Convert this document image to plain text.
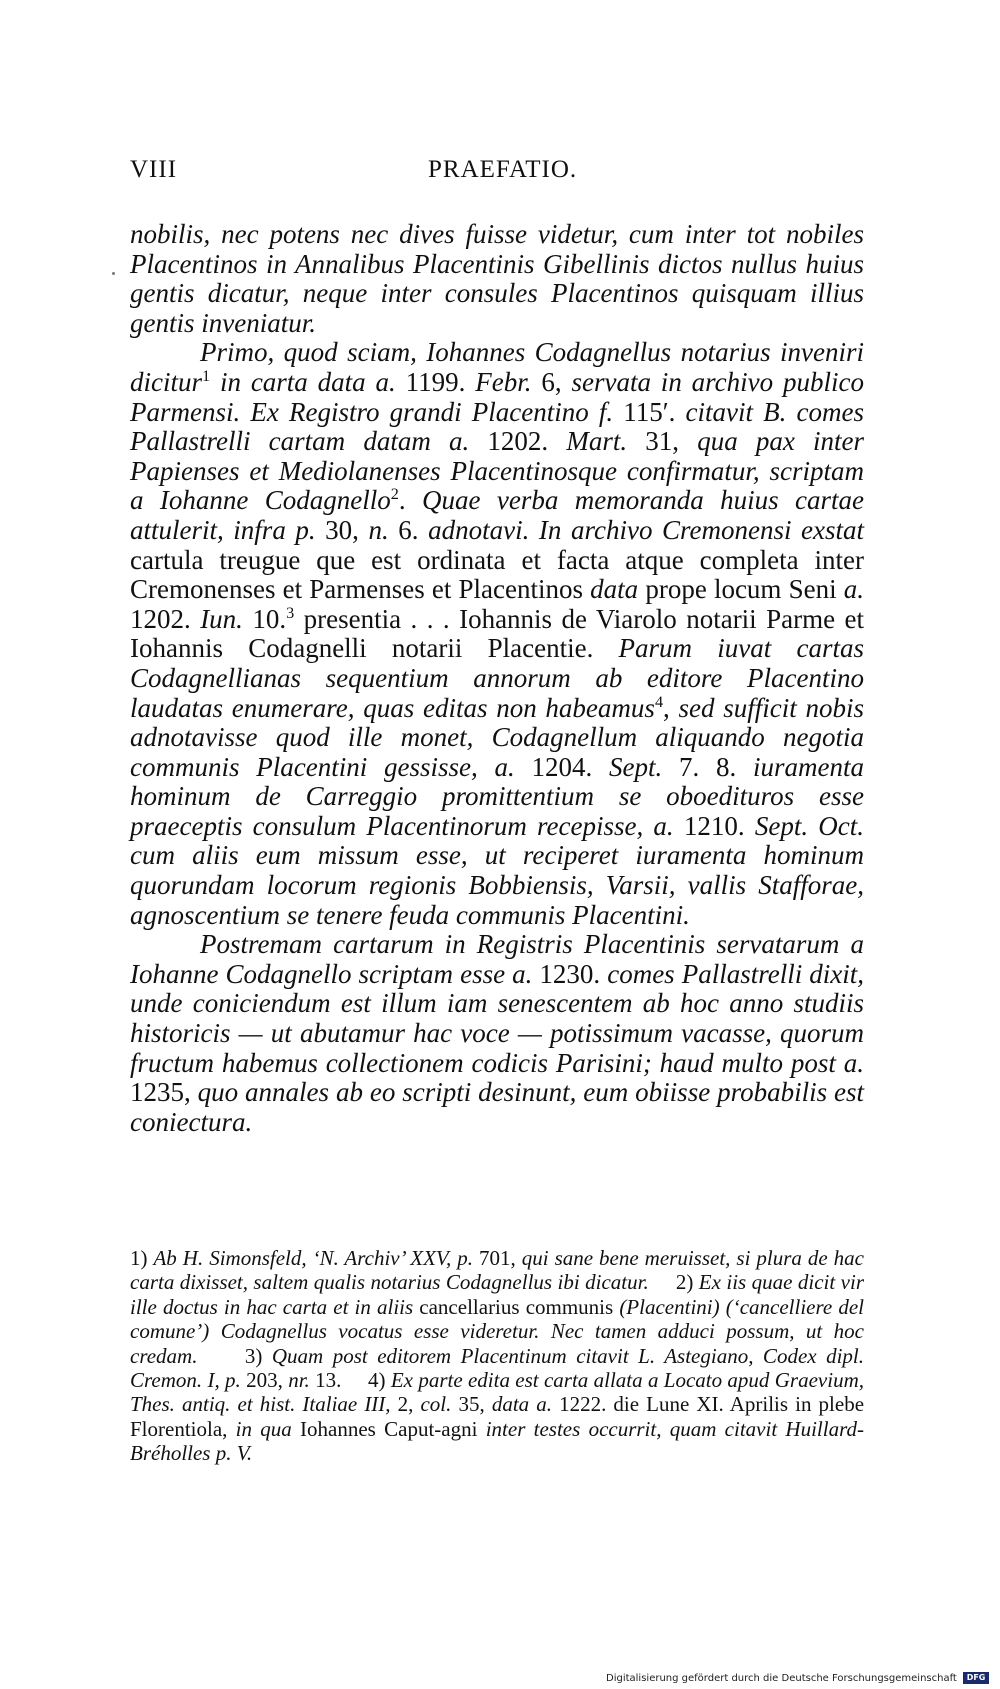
VIII	PRAEFATIO.

nobilis, nec potens nec dives fuisse videtur, cum inter tot nobiles Placentinos in Annalibus Placentinis Gibellinis dictos nullus huius gentis dicatur, neque inter consules Placentinos quisquam illius gentis inveniatur.

Primo, quod sciam, Iohannes Codagnellus notarius inveniri dicitur$^1$ in carta data a. 1199. Febr. 6, servata in archivo publico Parmensi. Ex Registro grandi Placentino f. 115′. citavit B. comes Pallastrelli cartam datam a. 1202. Mart. 31, qua pax inter Papienses et Mediolanenses Placentinosque confirmatur, scriptam a Iohanne Codagnello$^2$. Quae verba memoranda huius cartae attulerit, infra p. 30, n. 6. adnotavi. In archivo Cremonensi exstat cartula treugue que est ordinata et facta atque completa inter Cremonenses et Parmenses et Placentinos data prope locum Seni a. 1202. Iun. 10.$^3$ presentia . . . Iohannis de Viarolo notarii Parme et Iohannis Codagnelli notarii Placentie. Parum iuvat cartas Codagnellianas sequentium annorum ab editore Placentino laudatas enumerare, quas editas non habeamus$^4$, sed sufficit nobis adnotavisse quod ille monet, Codagnellum aliquando negotia communis Placentini gessisse, a. 1204. Sept. 7. 8. iuramenta hominum de Carreggio promittentium se oboedituros esse praeceptis consulum Placentinorum recepisse, a. 1210. Sept. Oct. cum aliis eum missum esse, ut reciperet iuramenta hominum quorundam locorum regionis Bobbiensis, Varsii, vallis Stafforae, agnoscentium se tenere feuda communis Placentini.

Postremam cartarum in Registris Placentinis servatarum a Iohanne Codagnello scriptam esse a. 1230. comes Pallastrelli dixit, unde coniciendum est illum iam senescentem ab hoc anno studiis historicis — ut abutamur hac voce — potissimum vacasse, quorum fructum habemus collectionem codicis Parisini; haud multo post a. 1235, quo annales ab eo scripti desinunt, eum obiisse probabilis est coniectura.

1) Ab H. Simonsfeld, ‘N. Archiv’ XXV, p. 701, qui sane bene meruisset, si plura de hac carta dixisset, saltem qualis notarius Codagnellus ibi dicatur.     2) Ex iis quae dicit vir ille doctus in hac carta et in aliis cancellarius communis (Placentini) (‘cancelliere del comune’) Codagnellus vocatus esse videretur. Nec tamen adduci possum, ut hoc credam.     3) Quam post editorem Placentinum citavit L. Astegiano, Codex dipl. Cremon. I, p. 203, nr. 13.     4) Ex parte edita est carta allata a Locato apud Graevium, Thes. antiq. et hist. Italiae III, 2, col. 35, data a. 1222. die Lune XI. Aprilis in plebe Florentiola, in qua Iohannes Caput-agni inter testes occurrit, quam citavit Huillard-Bréholles p. V.

Digitalisierung gefördert durch die Deutsche Forschungsgemeinschaft DFG
